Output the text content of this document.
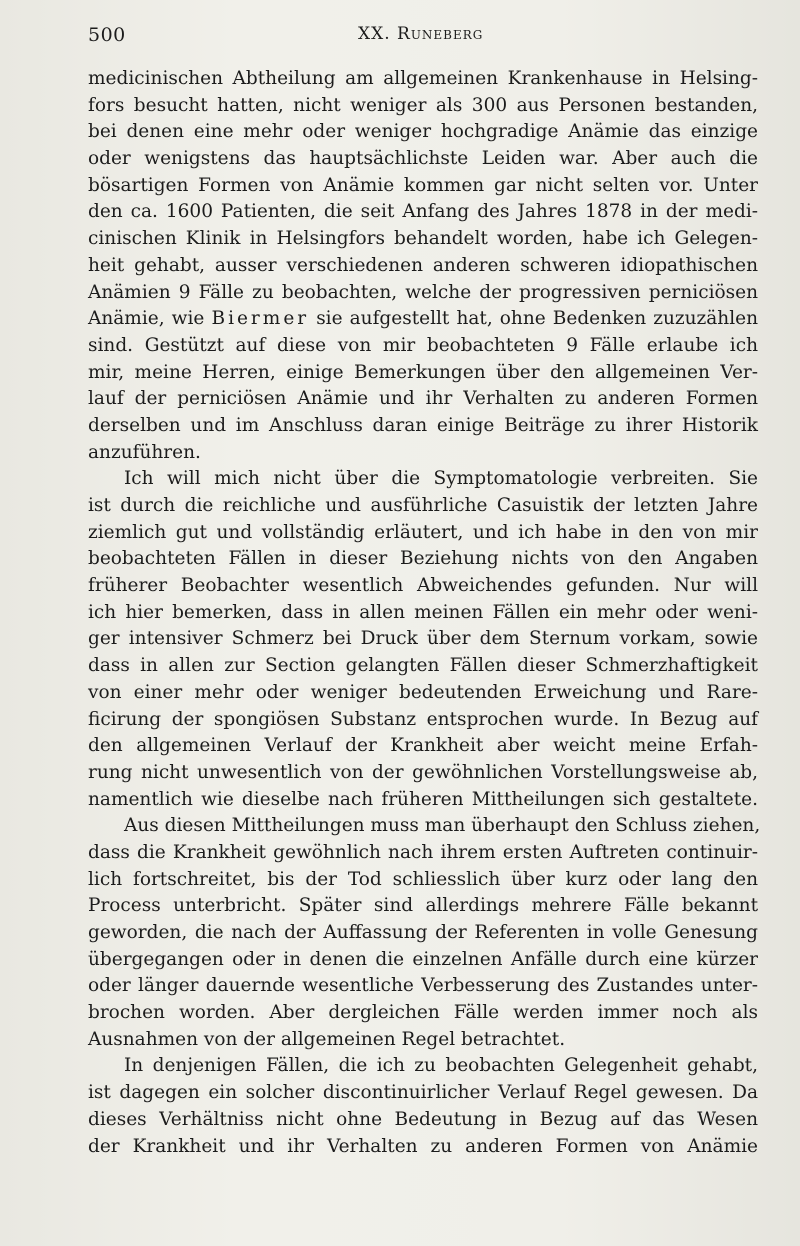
500	XX. Runeberg
medicinischen Abtheilung am allgemeinen Krankenhause in Helsing-
fors besucht hatten, nicht weniger als 300 aus Personen bestanden,
bei denen eine mehr oder weniger hochgradige Anämie das einzige
oder wenigstens das hauptsächlichste Leiden war. Aber auch die
bösartigen Formen von Anämie kommen gar nicht selten vor. Unter
den ca. 1600 Patienten, die seit Anfang des Jahres 1878 in der medi-
cinischen Klinik in Helsingfors behandelt worden, habe ich Gelegen-
heit gehabt, ausser verschiedenen anderen schweren idiopathischen
Anämien 9 Fälle zu beobachten, welche der progressiven perniciösen
Anämie, wie Biermer sie aufgestellt hat, ohne Bedenken zuzuzählen
sind. Gestützt auf diese von mir beobachteten 9 Fälle erlaube ich
mir, meine Herren, einige Bemerkungen über den allgemeinen Ver-
lauf der perniciösen Anämie und ihr Verhalten zu anderen Formen
derselben und im Anschluss daran einige Beiträge zu ihrer Historik
anzuführen.
Ich will mich nicht über die Symptomatologie verbreiten. Sie
ist durch die reichliche und ausführliche Casuistik der letzten Jahre
ziemlich gut und vollständig erläutert, und ich habe in den von mir
beobachteten Fällen in dieser Beziehung nichts von den Angaben
früherer Beobachter wesentlich Abweichendes gefunden. Nur will
ich hier bemerken, dass in allen meinen Fällen ein mehr oder weni-
ger intensiver Schmerz bei Druck über dem Sternum vorkam, sowie
dass in allen zur Section gelangten Fällen dieser Schmerzhaftigkeit
von einer mehr oder weniger bedeutenden Erweichung und Rare-
ficirung der spongiösen Substanz entsprochen wurde. In Bezug auf
den allgemeinen Verlauf der Krankheit aber weicht meine Erfah-
rung nicht unwesentlich von der gewöhnlichen Vorstellungsweise ab,
namentlich wie dieselbe nach früheren Mittheilungen sich gestaltete.
Aus diesen Mittheilungen muss man überhaupt den Schluss ziehen,
dass die Krankheit gewöhnlich nach ihrem ersten Auftreten continuir-
lich fortschreitet, bis der Tod schliesslich über kurz oder lang den
Process unterbricht. Später sind allerdings mehrere Fälle bekannt
geworden, die nach der Auffassung der Referenten in volle Genesung
übergegangen oder in denen die einzelnen Anfälle durch eine kürzer
oder länger dauernde wesentliche Verbesserung des Zustandes unter-
brochen worden. Aber dergleichen Fälle werden immer noch als
Ausnahmen von der allgemeinen Regel betrachtet.
In denjenigen Fällen, die ich zu beobachten Gelegenheit gehabt,
ist dagegen ein solcher discontinuirlicher Verlauf Regel gewesen. Da
dieses Verhältniss nicht ohne Bedeutung in Bezug auf das Wesen
der Krankheit und ihr Verhalten zu anderen Formen von Anämie
